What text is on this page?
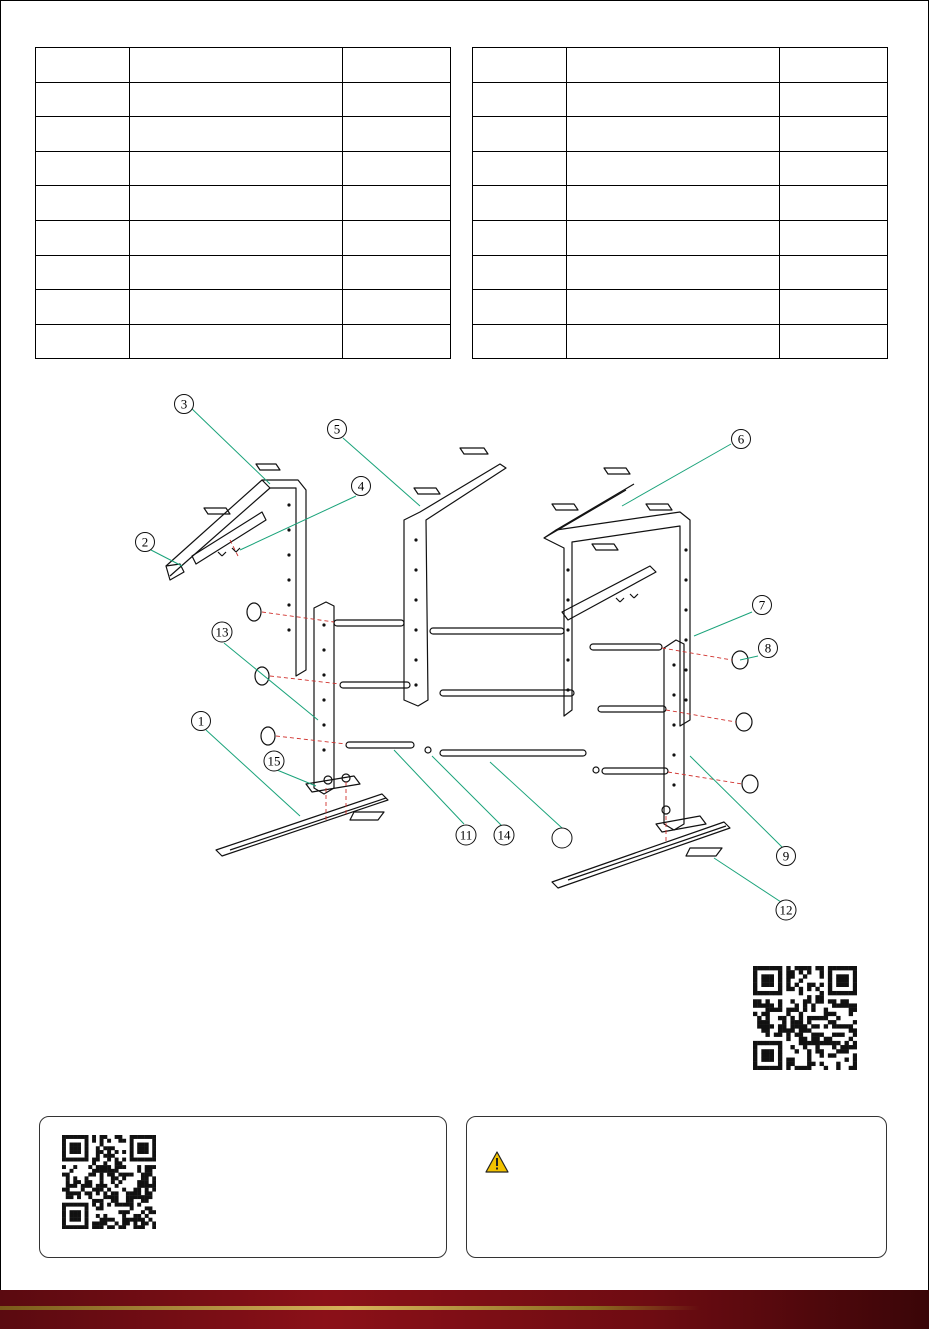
3
5
6
4
2
7
13
8
1
15
11 14
9
12
